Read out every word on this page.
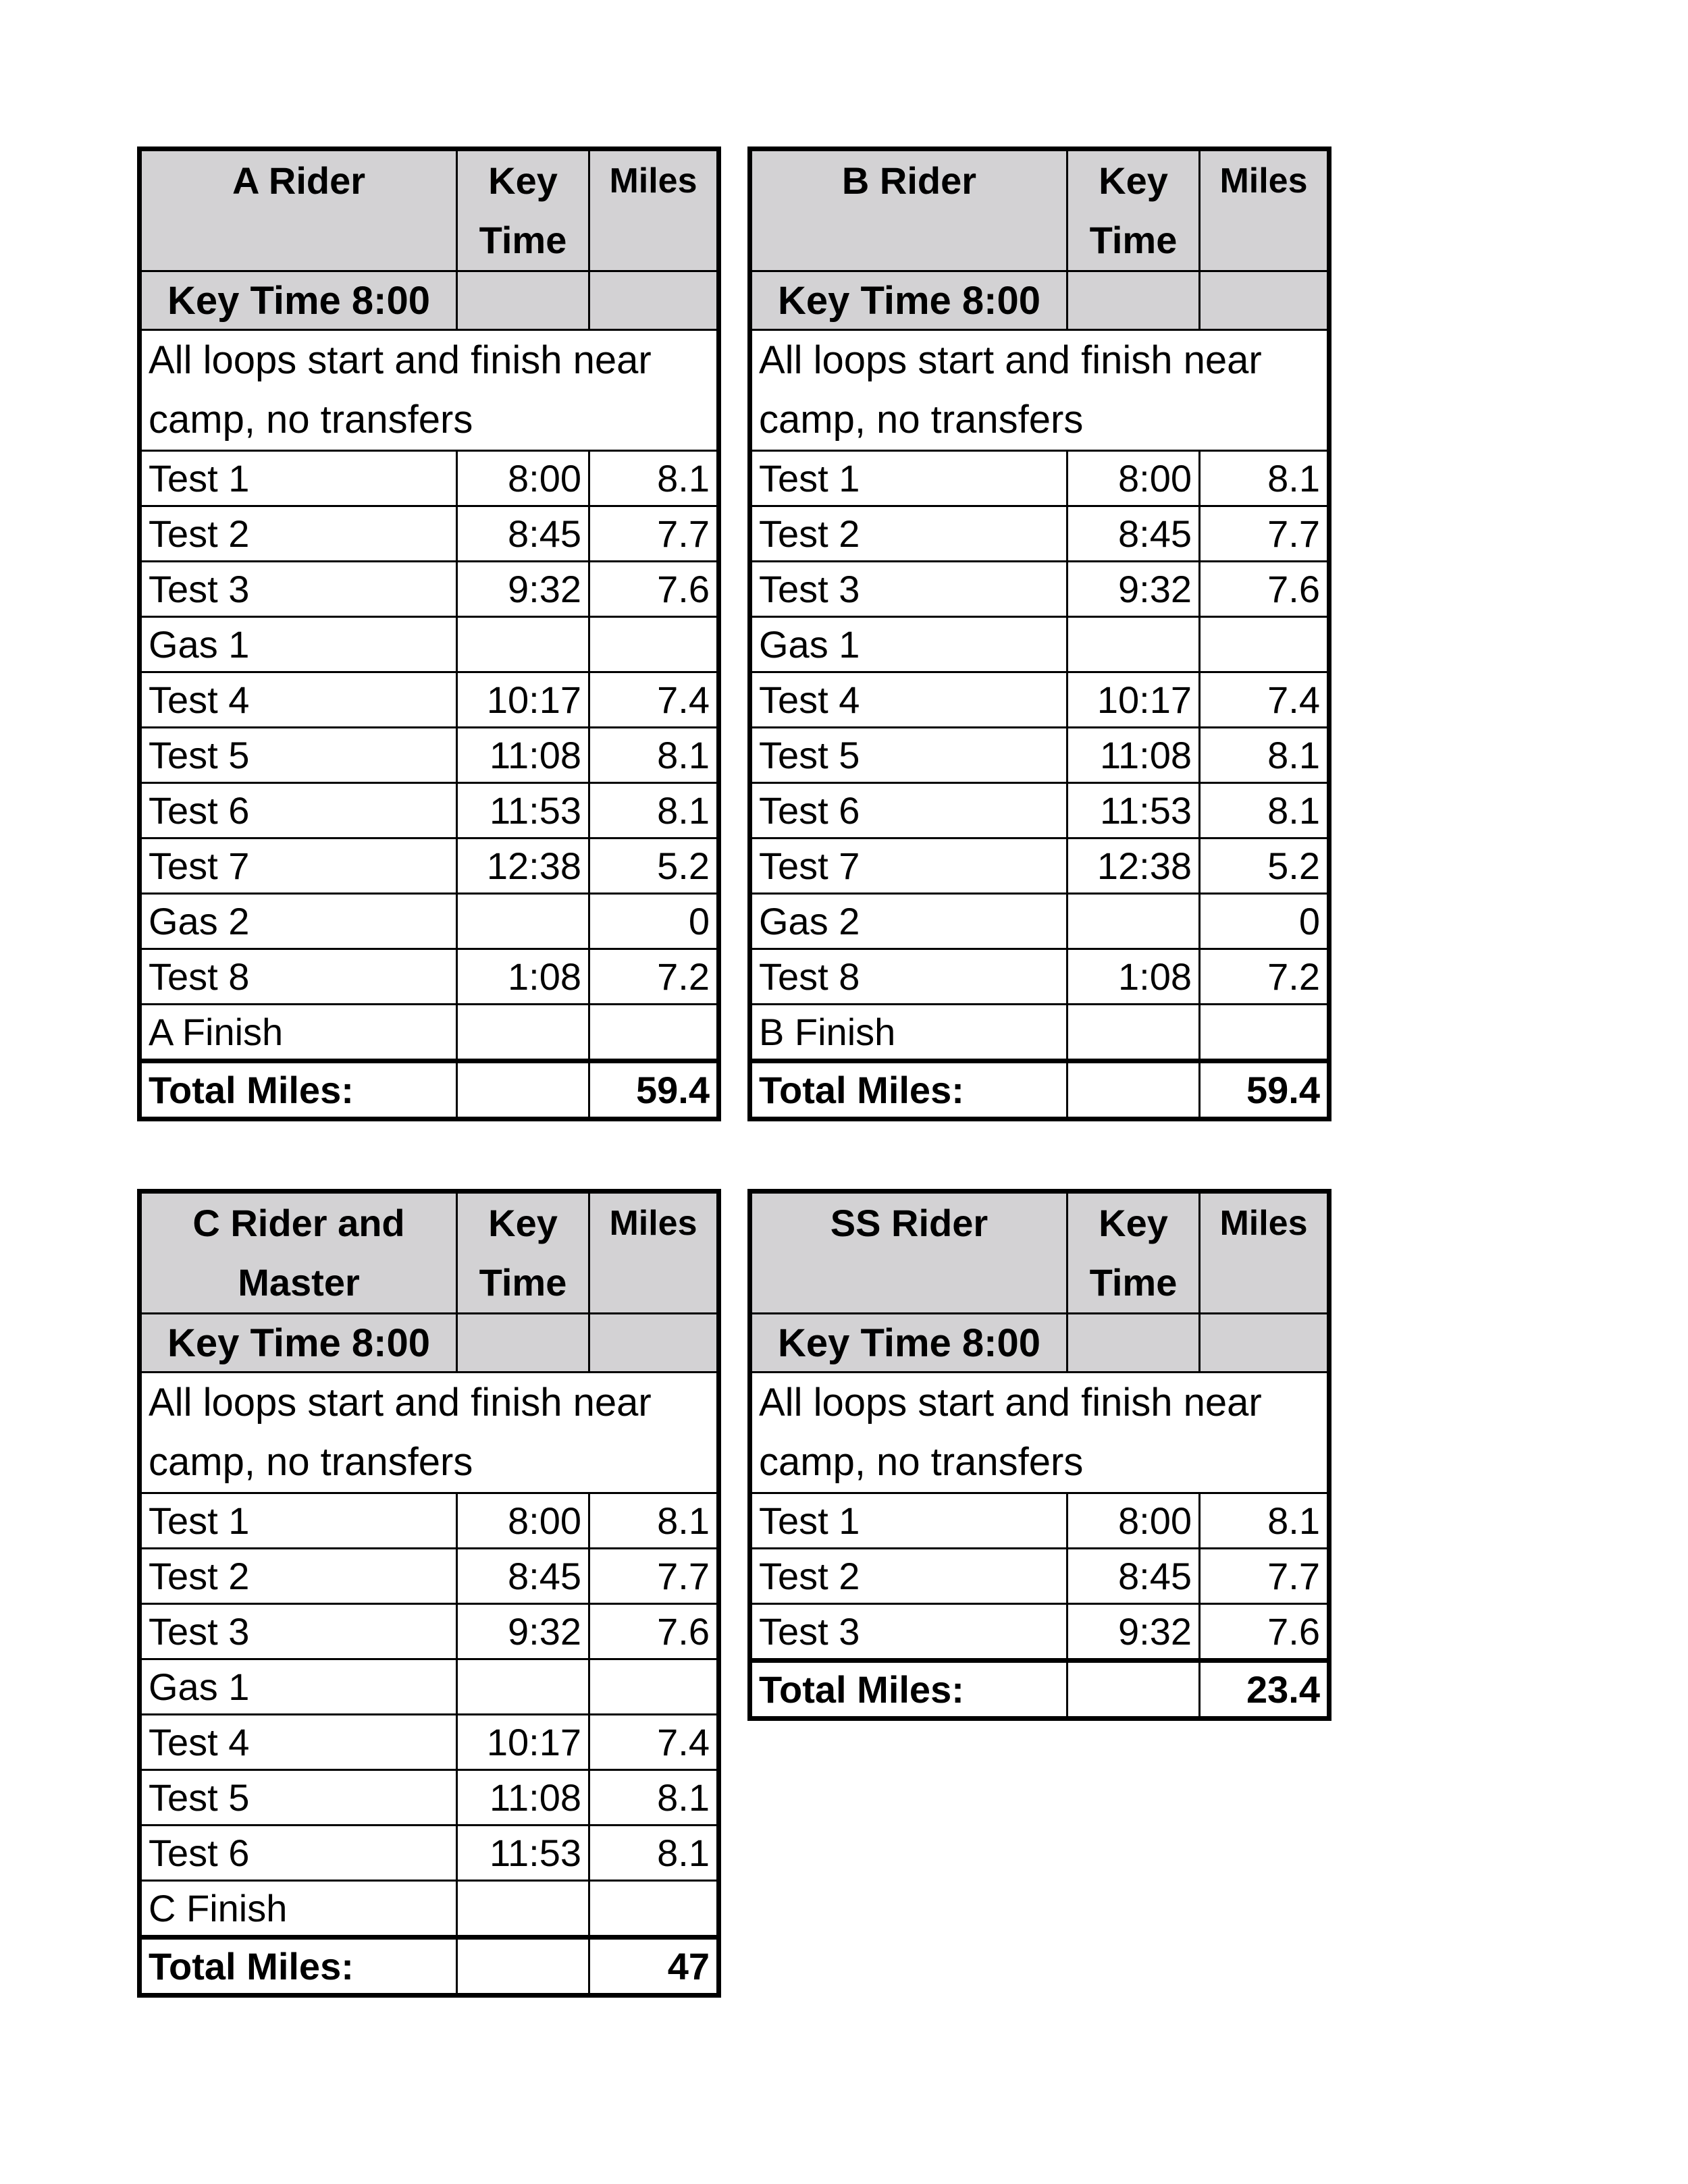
A Rider	Key Time	Miles
Key Time 8:00		
All loops start and finish near camp, no transfers		
Test 1	8:00	8.1
Test 2	8:45	7.7
Test 3	9:32	7.6
Gas 1		
Test 4	10:17	7.4
Test 5	11:08	8.1
Test 6	11:53	8.1
Test 7	12:38	5.2
Gas 2		0
Test 8	1:08	7.2
A Finish		
Total Miles:		59.4
B Rider	Key Time	Miles
Key Time 8:00		
All loops start and finish near camp, no transfers		
Test 1	8:00	8.1
Test 2	8:45	7.7
Test 3	9:32	7.6
Gas 1		
Test 4	10:17	7.4
Test 5	11:08	8.1
Test 6	11:53	8.1
Test 7	12:38	5.2
Gas 2		0
Test 8	1:08	7.2
B Finish		
Total Miles:		59.4
C Rider and Master	Key Time	Miles
Key Time 8:00		
All loops start and finish near camp, no transfers		
Test 1	8:00	8.1
Test 2	8:45	7.7
Test 3	9:32	7.6
Gas 1		
Test 4	10:17	7.4
Test 5	11:08	8.1
Test 6	11:53	8.1
C Finish		
Total Miles:		47
SS Rider	Key Time	Miles
Key Time 8:00		
All loops start and finish near camp, no transfers		
Test 1	8:00	8.1
Test 2	8:45	7.7
Test 3	9:32	7.6
Total Miles:		23.4
